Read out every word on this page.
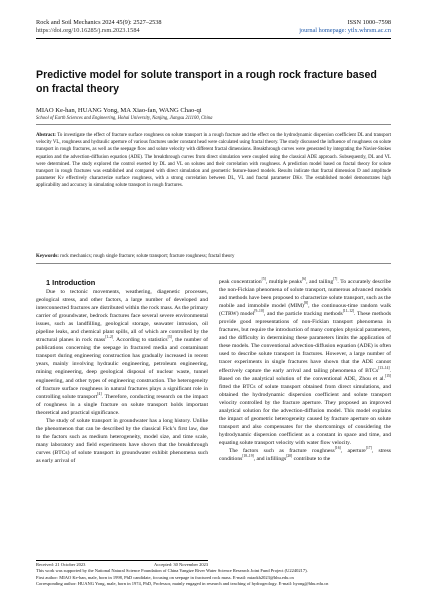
Rock and Soil Mechanics 2024 45(9): 2527–2538
https://doi.org/10.16285/j.rsm.2023.1584
ISSN 1000–7598
journal homepage: ytlx.whrsm.ac.cn
Predictive model for solute transport in a rough rock fracture based on fractal theory
MIAO Ke-han, HUANG Yong, MA Xiao-fan, WANG Chao-qi
School of Earth Sciences and Engineering, Hohai University, Nanjing, Jiangsu 211100, China
Abstract: To investigate the effect of fracture surface roughness on solute transport in a rough fracture and the effect on the hydrodynamic dispersion coefficient DL and transport velocity VL, roughness and hydraulic aperture of various fractures under constant head were calculated using fractal theory. The study discussed the influence of roughness on solute transport in rough fractures, as well as the seepage flow and solute velocity with different fractal dimensions. Breakthrough curves were generated by integrating the Navier-Stokes equation and the advection-diffusion equation (ADE). The breakthrough curves from direct simulation were coupled using the classical ADE approach. Subsequently, DL and VL were determined. The study explored the control exerted by DL and VL on solutes and their correlation with roughness. A prediction model based on fractal theory for solute transport in rough fractures was established and compared with direct simulation and geometric feature-based models. Results indicate that fractal dimension D and amplitude parameter Kv effectively characterize surface roughness, with a strong correlation between DL, VL and fractal parameter DKv. The established model demonstrates high applicability and accuracy in simulating solute transport in rough fractures.
Keywords: rock mechanics; rough single fracture; solute transport; fracture roughness; fractal theory

1 Introduction

Due to tectonic movements, weathering, diagenetic processes, geological stress, and other factors, a large number of developed and interconnected fractures are distributed within the rock mass. As the primary carrier of groundwater, bedrock fractures face several severe environmental issues, such as landfilling, geological storage, seawater intrusion, oil pipeline leaks, and chemical plant spills, all of which are controlled by the structural planes in rock mass[1–2]. According to statistics[3], the number of publications concerning the seepage in fractured media and contaminant transport during engineering construction has gradually increased in recent years, mainly involving hydraulic engineering, petroleum engineering, mining engineering, deep geological disposal of nuclear waste, tunnel engineering, and other types of engineering construction. The heterogeneity of fracture surface roughness in natural fractures plays a significant role in controlling solute transport[4]. Therefore, conducting research on the impact of roughness in a single fracture on solute transport holds important theoretical and practical significance.

The study of solute transport in groundwater has a long history. Unlike the phenomenon that can be described by the classical Fick’s first law, due to the factors such as medium heterogeneity, model size, and time scale, many laboratory and field experiments have shown that the breakthrough curves (BTCs) of solute transport in groundwater exhibit phenomena such as early arrival of

peak concentration[5], multiple peaks[6], and tailing[7]. To accurately describe the non-Fickian phenomena of solute transport, numerous advanced models and methods have been proposed to characterize solute transport, such as the mobile and immobile model (MIM)[8], the continuous-time random walk (CTRW) model[9–10], and the particle tracking methods[11–12]. These methods provide good representations of non-Fickian transport phenomena in fractures, but require the introduction of many complex physical parameters, and the difficulty in determining these parameters limits the application of these models. The conventional advection-diffusion equation (ADE) is often used to describe solute transport in fractures. However, a large number of tracer experiments in single fractures have shown that the ADE cannot effectively capture the early arrival and tailing phenomena of BTCs[13–14]. Based on the analytical solution of the conventional ADE, Zhou et al.[15] fitted the BTCs of solute transport obtained from direct simulations, and obtained the hydrodynamic dispersion coefficient and solute transport velocity controlled by the fracture aperture. They proposed an improved analytical solution for the advection-diffusion model. This model explains the impact of geometric heterogeneity caused by fracture aperture on solute transport and also compensates for the shortcomings of considering the hydrodynamic dispersion coefficient as a constant in space and time, and equating solute transport velocity with water flow velocity.

The factors such as fracture roughness[16], aperture[17], stress conditions[18–19], and infillings[20] contribute to the

Received: 21 October 2023	Accepted: 30 November 2023
This work was supported by the National Natural Science Foundation of China Yangtze River Water Science Research Joint Fund Project (U2240217).
First author: MIAO Ke-han, male, born in 1998, PhD candidate, focusing on seepage in fractured rock mass. E-mail: miaokh2023@hhu.edu.cn
Corresponding author: HUANG Yong, male, born in 1974, PhD, Professor, mainly engaged in research and teaching of hydrogeology. E-mail: hyong@hhu.edu.cn
